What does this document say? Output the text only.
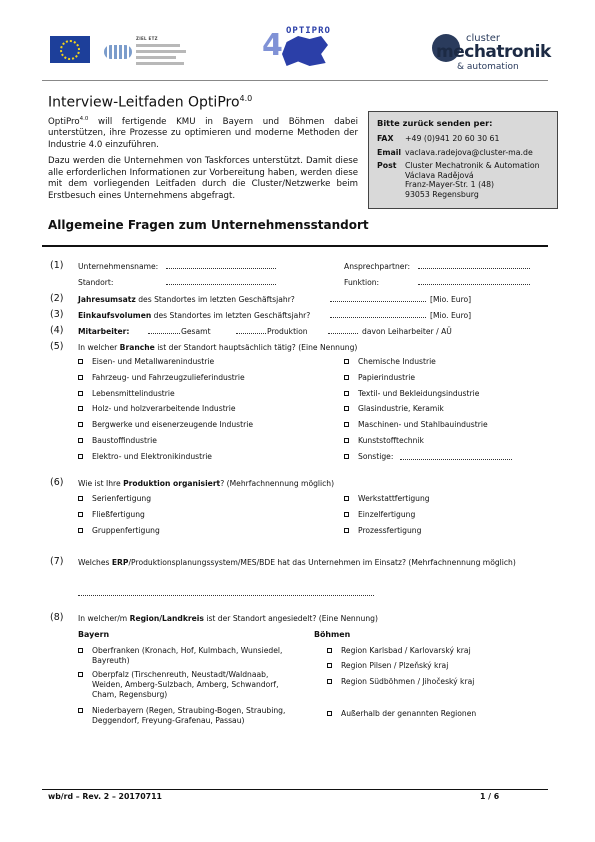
ZIEL ETZ	4 OPTIPRO
cluster
mechatronik
& automation
Interview-Leitfaden OptiPro$^{4.0}$
OptiPro$^{4.0}$ will fertigende KMU in Bayern und Böhmen dabei unterstützen, ihre Prozesse zu optimieren und moderne Methoden der Industrie 4.0 einzuführen.
Dazu werden die Unternehmen von Taskforces unterstützt. Damit diese alle erforderlichen Informationen zur Vorbereitung haben, werden diese mit dem vorliegenden Leitfaden durch die Cluster/Netzwerke beim Erstbesuch eines Unternehmens abgefragt.
Bitte zurück senden per:
FAX	+49 (0)941 20 60 30 61
Email vaclava.radejova@cluster-ma.de
Post	Cluster Mechatronik & Automation
Václava Radějová
Franz-Mayer-Str. 1 (48)
93053 Regensburg
Allgemeine Fragen zum Unternehmensstandort
(1) Unternehmensname:	Ansprechpartner:
Standort:	Funktion:
(2) Jahresumsatz des Standortes im letzten Geschäftsjahr?	[Mio. Euro]
(3) Einkaufsvolumen des Standortes im letzten Geschäftsjahr?	[Mio. Euro]
(4) Mitarbeiter:	Gesamt	Produktion	davon Leiharbeiter / AÜ
(5) In welcher Branche ist der Standort hauptsächlich tätig? (Eine Nennung)
Eisen- und Metallwarenindustrie
Fahrzeug- und Fahrzeugzulieferindustrie
Lebensmittelindustrie
Holz- und holzverarbeitende Industrie
Bergwerke und eisenerzeugende Industrie
Baustoffindustrie
Elektro- und Elektronikindustrie
Chemische Industrie
Papierindustrie
Textil- und Bekleidungsindustrie
Glasindustrie, Keramik
Maschinen- und Stahlbauindustrie
Kunststofftechnik
Sonstige:
(6) Wie ist Ihre Produktion organisiert? (Mehrfachnennung möglich)
Serienfertigung
Fließfertigung
Gruppenfertigung
Werkstattfertigung
Einzelfertigung
Prozessfertigung
(7) Welches ERP/Produktionsplanungssystem/MES/BDE hat das Unternehmen im Einsatz? (Mehrfachnennung möglich)
(8) In welcher/m Region/Landkreis ist der Standort angesiedelt? (Eine Nennung)
Bayern	Böhmen
Oberfranken (Kronach, Hof, Kulmbach, Wunsiedel, Bayreuth)
Oberpfalz (Tirschenreuth, Neustadt/Waldnaab, Weiden, Amberg-Sulzbach, Amberg, Schwandorf, Cham, Regensburg)
Niederbayern (Regen, Straubing-Bogen, Straubing, Deggendorf, Freyung-Grafenau, Passau)
Region Karlsbad / Karlovarský kraj
Region Pilsen / Plzeňský kraj
Region Südböhmen / Jihočeský kraj
Außerhalb der genannten Regionen
wb/rd – Rev. 2 – 20170711	1 / 6
